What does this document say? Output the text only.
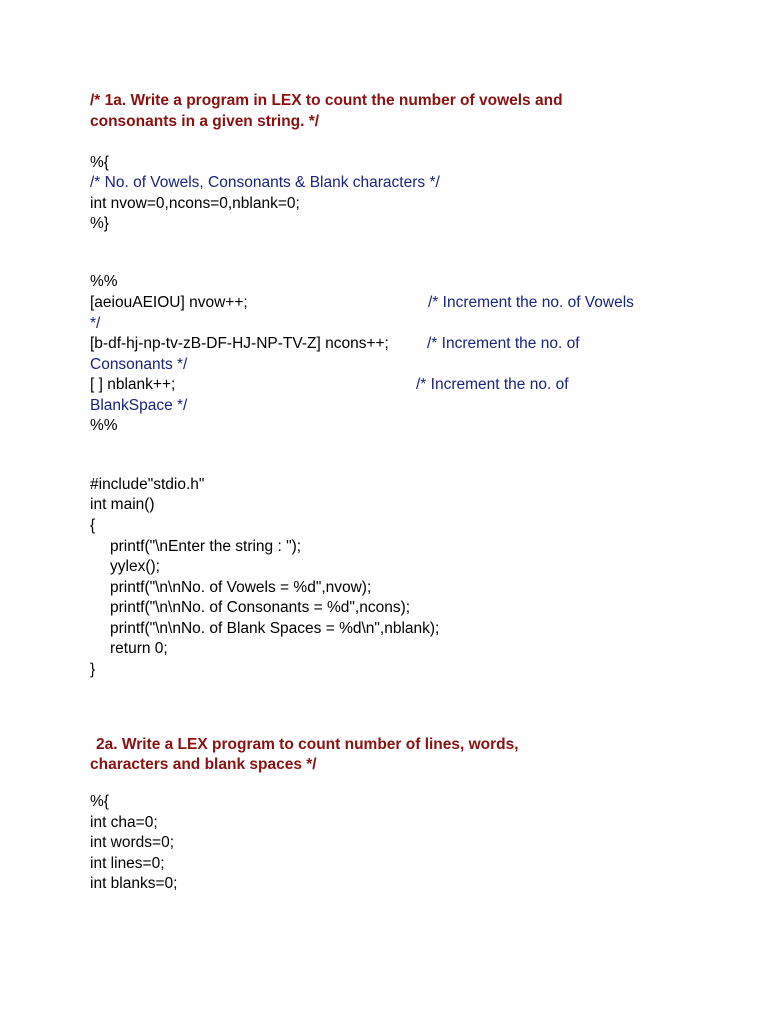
/* 1a. Write a program in LEX to count the number of vowels and
consonants in a given string. */
%{
/* No. of Vowels, Consonants & Blank characters */
int nvow=0,ncons=0,nblank=0;
%}
%%
[aeiouAEIOU] nvow++;	/* Increment the no. of Vowels
*/
[b-df-hj-np-tv-zB-DF-HJ-NP-TV-Z] ncons++; /* Increment the no. of
Consonants */
[ ] nblank++;	/* Increment the no. of
BlankSpace */
%%
#include"stdio.h"
int main()
{
printf("\nEnter the string : ");
yylex();
printf("\n\nNo. of Vowels = %d",nvow);
printf("\n\nNo. of Consonants = %d",ncons);
printf("\n\nNo. of Blank Spaces = %d\n",nblank);
return 0;
}
2a. Write a LEX program to count number of lines, words,
characters and blank spaces */
%{
int cha=0;
int words=0;
int lines=0;
int blanks=0;
